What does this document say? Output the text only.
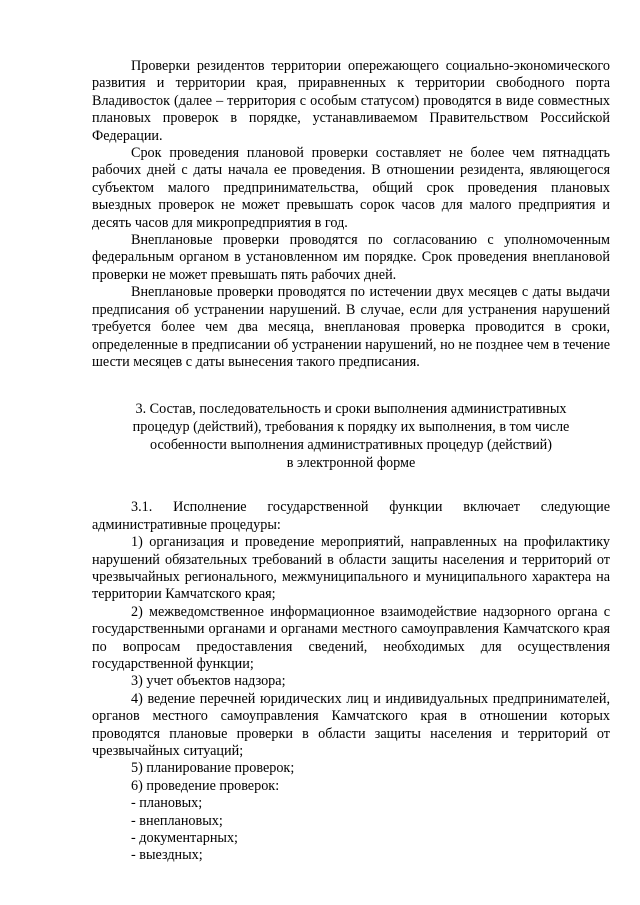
Проверки резидентов территории опережающего социально-экономического развития и территории края, приравненных к территории свободного порта Владивосток (далее – территория с особым статусом) проводятся в виде совместных плановых проверок в порядке, устанавливаемом Правительством Российской Федерации.

Срок проведения плановой проверки составляет не более чем пятнадцать рабочих дней с даты начала ее проведения. В отношении резидента, являющегося субъектом малого предпринимательства, общий срок проведения плановых выездных проверок не может превышать сорок часов для малого предприятия и десять часов для микропредприятия в год.

Внеплановые проверки проводятся по согласованию с уполномоченным федеральным органом в установленном им порядке. Срок проведения внеплановой проверки не может превышать пять рабочих дней.

Внеплановые проверки проводятся по истечении двух месяцев с даты выдачи предписания об устранении нарушений. В случае, если для устранения нарушений требуется более чем два месяца, внеплановая проверка проводится в сроки, определенные в предписании об устранении нарушений, но не позднее чем в течение шести месяцев с даты вынесения такого предписания.

3. Состав, последовательность и сроки выполнения административных
процедур (действий), требования к порядку их выполнения, в том числе
особенности выполнения административных процедур (действий)
в электронной форме

3.1. Исполнение государственной функции включает следующие административные процедуры:

1) организация и проведение мероприятий, направленных на профилактику нарушений обязательных требований в области защиты населения и территорий от чрезвычайных регионального, межмуниципального и муниципального характера на территории Камчатского края;

2) межведомственное информационное взаимодействие надзорного органа с государственными органами и органами местного самоуправления Камчатского края по вопросам предоставления сведений, необходимых для осуществления государственной функции;

3) учет объектов надзора;

4) ведение перечней юридических лиц и индивидуальных предпринимателей, органов местного самоуправления Камчатского края в отношении которых проводятся плановые проверки в области защиты населения и территорий от чрезвычайных ситуаций;

5) планирование проверок;

6) проведение проверок:

- плановых;

- внеплановых;

- документарных;

- выездных;
